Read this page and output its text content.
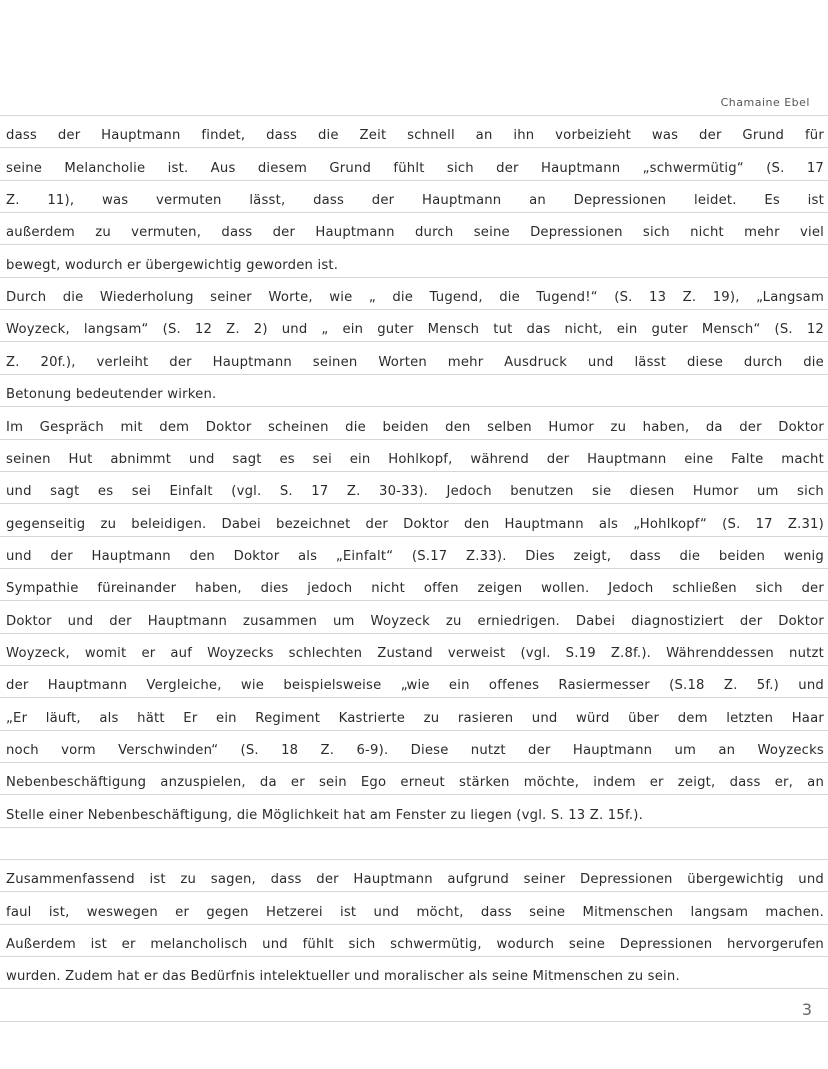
Chamaine Ebel
dass der Hauptmann findet, dass die Zeit schnell an ihn vorbeizieht was der Grund für
seine Melancholie ist. Aus diesem Grund fühlt sich der Hauptmann „schwermütig“ (S. 17
Z. 11), was vermuten lässt, dass der Hauptmann an Depressionen leidet. Es ist
außerdem zu vermuten, dass der Hauptmann durch seine Depressionen sich nicht mehr viel
bewegt, wodurch er übergewichtig geworden ist.
Durch die Wiederholung seiner Worte, wie „ die Tugend, die Tugend!“ (S. 13 Z. 19), „Langsam
Woyzeck, langsam“ (S. 12 Z. 2) und „ ein guter Mensch tut das nicht, ein guter Mensch“ (S. 12
Z. 20f.), verleiht der Hauptmann seinen Worten mehr Ausdruck und lässt diese durch die
Betonung bedeutender wirken.
Im Gespräch mit dem Doktor scheinen die beiden den selben Humor zu haben, da der Doktor
seinen Hut abnimmt und sagt es sei ein Hohlkopf, während der Hauptmann eine Falte macht
und sagt es sei Einfalt (vgl. S. 17 Z. 30-33). Jedoch benutzen sie diesen Humor um sich
gegenseitig zu beleidigen. Dabei bezeichnet der Doktor den Hauptmann als „Hohlkopf“ (S. 17 Z.31)
und der Hauptmann den Doktor als „Einfalt“ (S.17 Z.33). Dies zeigt, dass die beiden wenig
Sympathie füreinander haben, dies jedoch nicht offen zeigen wollen. Jedoch schließen sich der
Doktor und der Hauptmann zusammen um Woyzeck zu erniedrigen. Dabei diagnostiziert der Doktor
Woyzeck, womit er auf Woyzecks schlechten Zustand verweist (vgl. S.19 Z.8f.). Währenddessen nutzt
der Hauptmann Vergleiche, wie beispielsweise „wie ein offenes Rasiermesser (S.18 Z. 5f.) und
„Er läuft, als hätt Er ein Regiment Kastrierte zu rasieren und würd über dem letzten Haar
noch vorm Verschwinden“ (S. 18 Z. 6-9). Diese nutzt der Hauptmann um an Woyzecks
Nebenbeschäftigung anzuspielen, da er sein Ego erneut stärken möchte, indem er zeigt, dass er, an
Stelle einer Nebenbeschäftigung, die Möglichkeit hat am Fenster zu liegen (vgl. S. 13 Z. 15f.).
Zusammenfassend ist zu sagen, dass der Hauptmann aufgrund seiner Depressionen übergewichtig und
faul ist, weswegen er gegen Hetzerei ist und möcht, dass seine Mitmenschen langsam machen.
Außerdem ist er melancholisch und fühlt sich schwermütig, wodurch seine Depressionen hervorgerufen
wurden. Zudem hat er das Bedürfnis intelektueller und moralischer als seine Mitmenschen zu sein.
3
